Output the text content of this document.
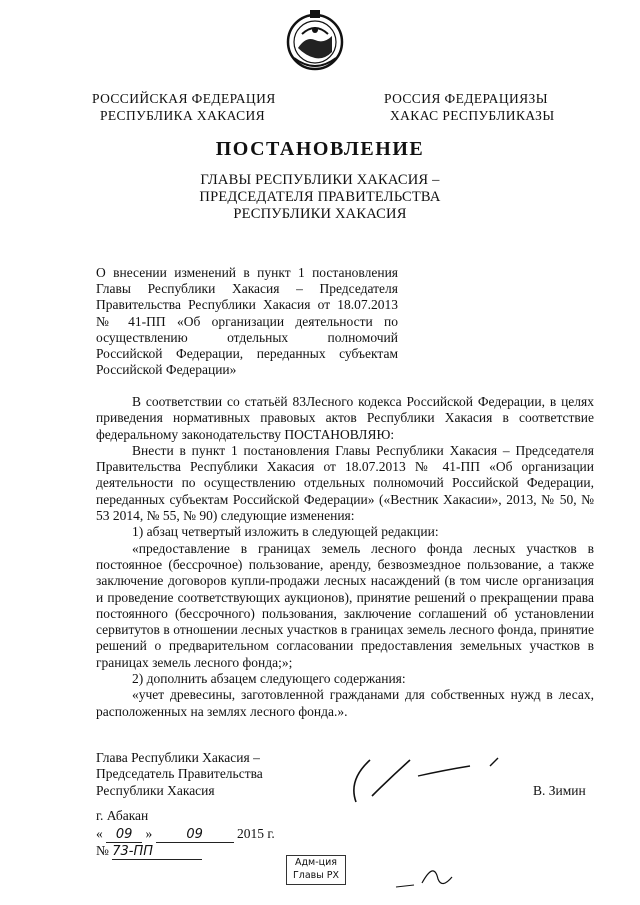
РОССИЙСКАЯ ФЕДЕРАЦИЯ
РЕСПУБЛИКА ХАКАСИЯ
РОССИЯ ФЕДЕРАЦИЯЗЫ
ХАКАС РЕСПУБЛИКАЗЫ
ПОСТАНОВЛЕНИЕ
ГЛАВЫ РЕСПУБЛИКИ ХАКАСИЯ –
ПРЕДСЕДАТЕЛЯ ПРАВИТЕЛЬСТВА
РЕСПУБЛИКИ ХАКАСИЯ
О внесении изменений в пункт 1 постановления
Главы Республики Хакасия – Председателя
Правительства Республики Хакасия от 18.07.2013
№ 41-ПП «Об организации деятельности по
осуществлению отдельных полномочий
Российской Федерации, переданных субъектам
Российской Федерации»

В соответствии со статьёй 83Лесного кодекса Российской Федерации, в целях приведения нормативных правовых актов Республики Хакасия в соответствие федеральному законодательству ПОСТАНОВЛЯЮ:

Внести в пункт 1 постановления Главы Республики Хакасия – Председателя Правительства Республики Хакасия от 18.07.2013 № 41-ПП «Об организации деятельности по осуществлению отдельных полномочий Российской Федерации, переданных субъектам Российской Федерации» («Вестник Хакасии», 2013, № 50, № 53 2014, № 55, № 90) следующие изменения:

1) абзац четвертый изложить в следующей редакции:

«предоставление в границах земель лесного фонда лесных участков в постоянное (бессрочное) пользование, аренду, безвозмездное пользование, а также заключение договоров купли-продажи лесных насаждений (в том числе организация и проведение соответствующих аукционов), принятие решений о прекращении права постоянного (бессрочного) пользования, заключение соглашений об установлении сервитутов в отношении лесных участков в границах земель лесного фонда, принятие решений о предварительном согласовании предоставления земельных участков в границах земель лесного фонда;»;

2) дополнить абзацем следующего содержания:

«учет древесины, заготовленной гражданами для собственных нужд в лесах, расположенных на землях лесного фонда.».

Глава Республики Хакасия –
Председатель Правительства
Республики Хакасия	В. Зимин
г. Абакан
« 09 »	09	2015 г.
№ 73-ПП
Адм-ция
Главы РХ
